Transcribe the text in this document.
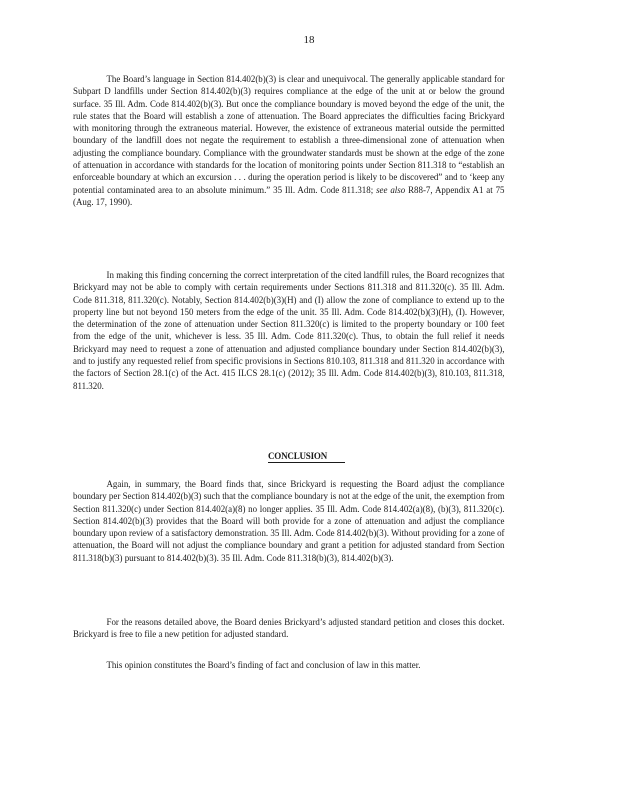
18

The Board’s language in Section 814.402(b)(3) is clear and unequivocal. The generally applicable standard for Subpart D landfills under Section 814.402(b)(3) requires compliance at the edge of the unit at or below the ground surface. 35 Ill. Adm. Code 814.402(b)(3). But once the compliance boundary is moved beyond the edge of the unit, the rule states that the Board will establish a zone of attenuation. The Board appreciates the difficulties facing Brickyard with monitoring through the extraneous material. However, the existence of extraneous material outside the permitted boundary of the landfill does not negate the requirement to establish a three-dimensional zone of attenuation when adjusting the compliance boundary. Compliance with the groundwater standards must be shown at the edge of the zone of attenuation in accordance with standards for the location of monitoring points under Section 811.318 to “establish an enforceable boundary at which an excursion . . . during the operation period is likely to be discovered” and to ‘keep any potential contaminated area to an absolute minimum.” 35 Ill. Adm. Code 811.318; see also R88-7, Appendix A1 at 75 (Aug. 17, 1990).

In making this finding concerning the correct interpretation of the cited landfill rules, the Board recognizes that Brickyard may not be able to comply with certain requirements under Sections 811.318 and 811.320(c). 35 Ill. Adm. Code 811.318, 811.320(c). Notably, Section 814.402(b)(3)(H) and (I) allow the zone of compliance to extend up to the property line but not beyond 150 meters from the edge of the unit. 35 Ill. Adm. Code 814.402(b)(3)(H), (I). However, the determination of the zone of attenuation under Section 811.320(c) is limited to the property boundary or 100 feet from the edge of the unit, whichever is less. 35 Ill. Adm. Code 811.320(c). Thus, to obtain the full relief it needs Brickyard may need to request a zone of attenuation and adjusted compliance boundary under Section 814.402(b)(3), and to justify any requested relief from specific provisions in Sections 810.103, 811.318 and 811.320 in accordance with the factors of Section 28.1(c) of the Act. 415 ILCS 28.1(c) (2012); 35 Ill. Adm. Code 814.402(b)(3), 810.103, 811.318, 811.320.

CONCLUSION

Again, in summary, the Board finds that, since Brickyard is requesting the Board adjust the compliance boundary per Section 814.402(b)(3) such that the compliance boundary is not at the edge of the unit, the exemption from Section 811.320(c) under Section 814.402(a)(8) no longer applies. 35 Ill. Adm. Code 814.402(a)(8), (b)(3), 811.320(c). Section 814.402(b)(3) provides that the Board will both provide for a zone of attenuation and adjust the compliance boundary upon review of a satisfactory demonstration. 35 Ill. Adm. Code 814.402(b)(3). Without providing for a zone of attenuation, the Board will not adjust the compliance boundary and grant a petition for adjusted standard from Section 811.318(b)(3) pursuant to 814.402(b)(3). 35 Ill. Adm. Code 811.318(b)(3), 814.402(b)(3).

For the reasons detailed above, the Board denies Brickyard’s adjusted standard petition and closes this docket. Brickyard is free to file a new petition for adjusted standard.

This opinion constitutes the Board’s finding of fact and conclusion of law in this matter.
